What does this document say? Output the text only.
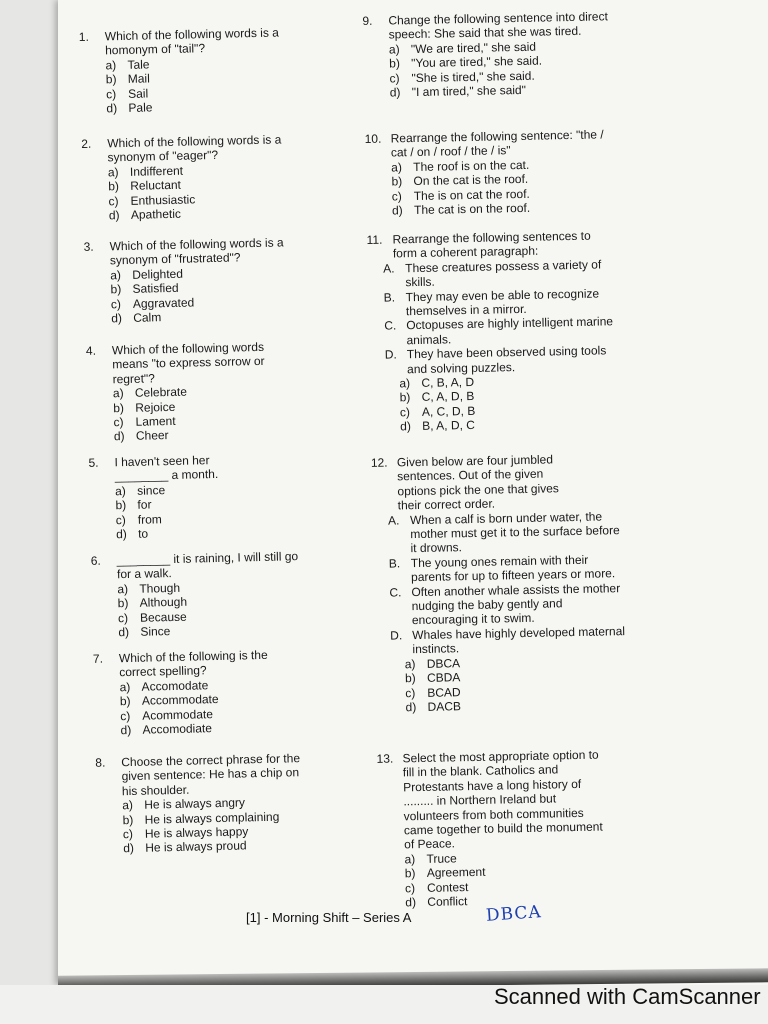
1.	Which of the following words is a homonym of "tail"?
a) Tale
b) Mail
c) Sail
d) Pale
2.	Which of the following words is a synonym of "eager"?
a) Indifferent
b) Reluctant
c) Enthusiastic
d) Apathetic
3.	Which of the following words is a synonym of "frustrated"?
a) Delighted
b) Satisfied
c) Aggravated
d) Calm
4.	Which of the following words means "to express sorrow or regret"?
a) Celebrate
b) Rejoice
c) Lament
d) Cheer
5.	I haven't seen her ________ a month.
a) since
b) for
c) from
d) to
6.	________ it is raining, I will still go for a walk.
a) Though
b) Although
c) Because
d) Since
7.	Which of the following is the correct spelling?
a) Accomodate
b) Accommodate
c) Acommodate
d) Accomodiate
8.	Choose the correct phrase for the given sentence: He has a chip on his shoulder.
a) He is always angry
b) He is always complaining
c) He is always happy
d) He is always proud
9.	Change the following sentence into direct speech: She said that she was tired.
a) "We are tired," she said
b) "You are tired," she said.
c) "She is tired," she said.
d) "I am tired," she said"
10. Rearrange the following sentence: "the / cat / on / roof / the / is"
a) The roof is on the cat.
b) On the cat is the roof.
c) The is on cat the roof.
d) The cat is on the roof.
11. Rearrange the following sentences to form a coherent paragraph:
A. These creatures possess a variety of skills.
B. They may even be able to recognize themselves in a mirror.
C. Octopuses are highly intelligent marine animals.
D. They have been observed using tools and solving puzzles.
a) C, B, A, D
b) C, A, D, B
c) A, C, D, B
d) B, A, D, C
12. Given below are four jumbled sentences. Out of the given options pick the one that gives their correct order.
A. When a calf is born under water, the mother must get it to the surface before it drowns.
B. The young ones remain with their parents for up to fifteen years or more.
C. Often another whale assists the mother nudging the baby gently and encouraging it to swim.
D. Whales have highly developed maternal instincts.
a) DBCA
b) CBDA
c) BCAD
d) DACB
13. Select the most appropriate option to fill in the blank. Catholics and Protestants have a long history of ......... in Northern Ireland but volunteers from both communities came together to build the monument of Peace.
a) Truce
b) Agreement
c) Contest
d) Conflict
[1] - Morning Shift – Series A	DBCA
Scanned with CamScanner
